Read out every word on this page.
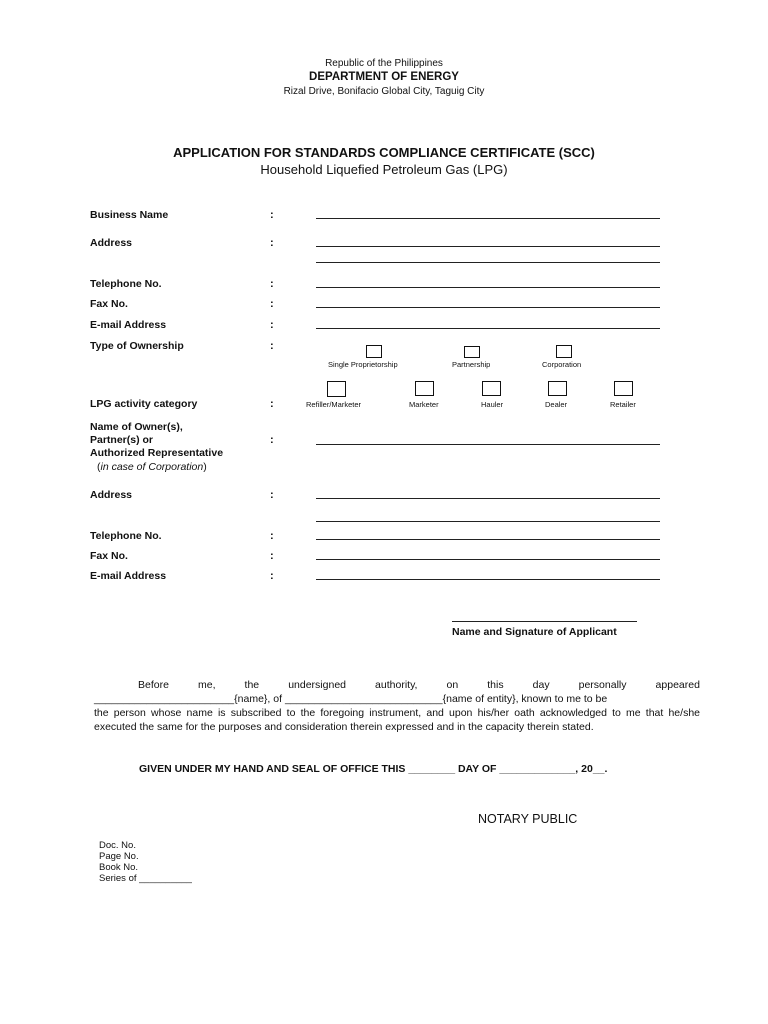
Republic of the Philippines
DEPARTMENT OF ENERGY
Rizal Drive, Bonifacio Global City, Taguig City
APPLICATION FOR STANDARDS COMPLIANCE CERTIFICATE (SCC)
Household Liquefied Petroleum Gas (LPG)
Business Name	:
Address	:
Telephone No.	:
Fax No.	:
E-mail Address	:
Type of Ownership	:
Single Proprietorship	Partnership	Corporation
LPG activity category	:	Refiller/Marketer	Marketer	Hauler	Dealer	Retailer
Name of Owner(s),
Partner(s) or	:
Authorized Representative
(in case of Corporation)
Address	:
Telephone No.	:
Fax No.	:
E-mail Address	:
Name and Signature of Applicant
Before	me,	the	undersigned	authority,	on	this	day	personally	appeared
________________________{name}, of ___________________________{name of entity}, known to me to be
the person whose name is subscribed to the foregoing instrument, and upon his/her oath acknowledged to me that he/she executed the same for the purposes and consideration therein expressed and in the capacity therein stated.
GIVEN UNDER MY HAND AND SEAL OF OFFICE THIS ________ DAY OF _____________, 20__.
NOTARY PUBLIC
Doc. No.
Page No.
Book No.
Series of __________
